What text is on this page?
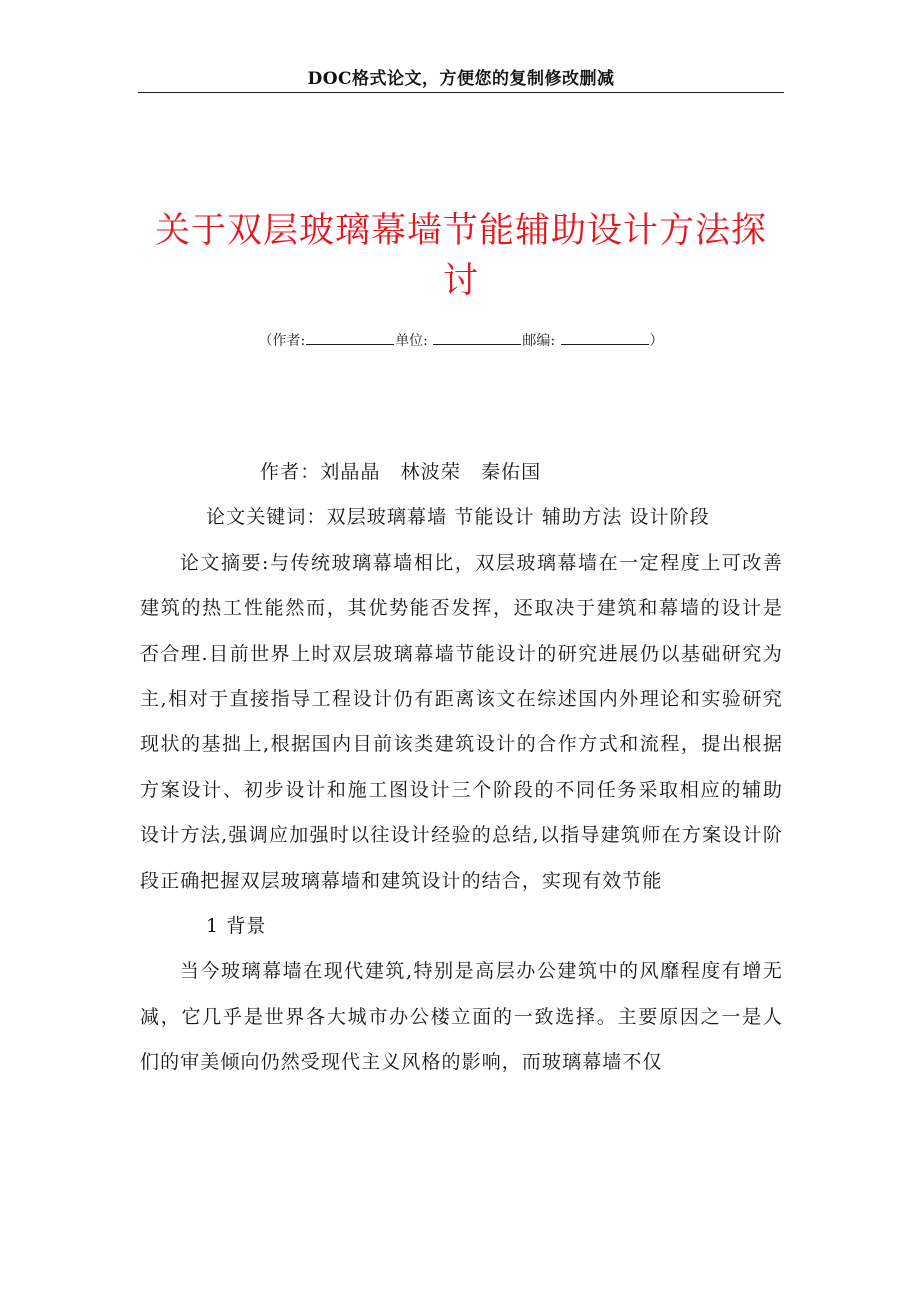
DOC格式论文，方便您的复制修改删减
关于双层玻璃幕墙节能辅助设计方法探讨
（作者:	单位:	邮编:	）

作者：刘晶晶 林波荣 秦佑国

论文关键词：双层玻璃幕墙 节能设计 辅助方法 设计阶段

论文摘要:与传统玻璃幕墙相比，双层玻璃幕墙在一定程度上可改善建筑的热工性能然而，其优势能否发挥，还取决于建筑和幕墙的设计是否合理.目前世界上时双层玻璃幕墙节能设计的研究进展仍以基础研究为主,相对于直接指导工程设计仍有距离该文在综述国内外理论和实验研究现状的基拙上,根据国内目前该类建筑设计的合作方式和流程，提出根据方案设计、初步设计和施工图设计三个阶段的不同任务采取相应的辅助设计方法,强调应加强时以往设计经验的总结,以指导建筑师在方案设计阶段正确把握双层玻璃幕墙和建筑设计的结合，实现有效节能

1 背景

当今玻璃幕墙在现代建筑,特别是高层办公建筑中的风靡程度有增无减，它几乎是世界各大城市办公楼立面的一致选择。主要原因之一是人们的审美倾向仍然受现代主义风格的影响，而玻璃幕墙不仅
